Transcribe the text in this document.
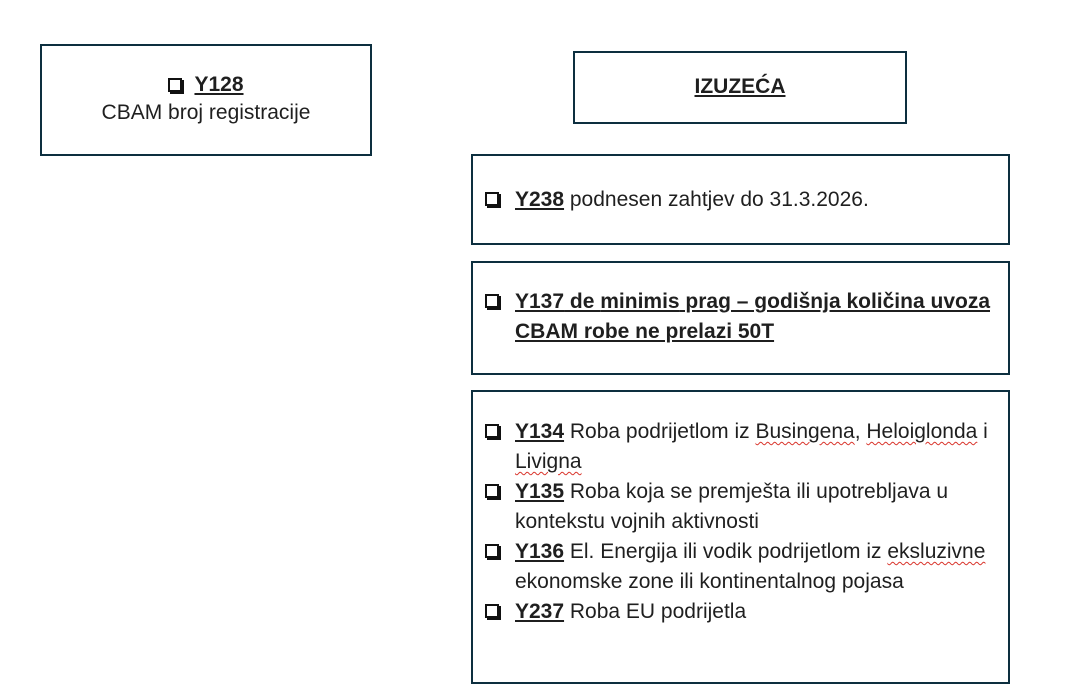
Y128
CBAM broj registracije
IZUZEĆA
Y238 podnesen zahtjev do 31.3.2026.
Y137 de minimis prag – godišnja količina uvoza CBAM robe ne prelazi 50T
Y134 Roba podrijetlom iz Busingena, Heloiglonda i Livigna
Y135 Roba koja se premješta ili upotrebljava u kontekstu vojnih aktivnosti
Y136 El. Energija ili vodik podrijetlom iz eksluzivne ekonomske zone ili kontinentalnog pojasa
Y237 Roba EU podrijetla
